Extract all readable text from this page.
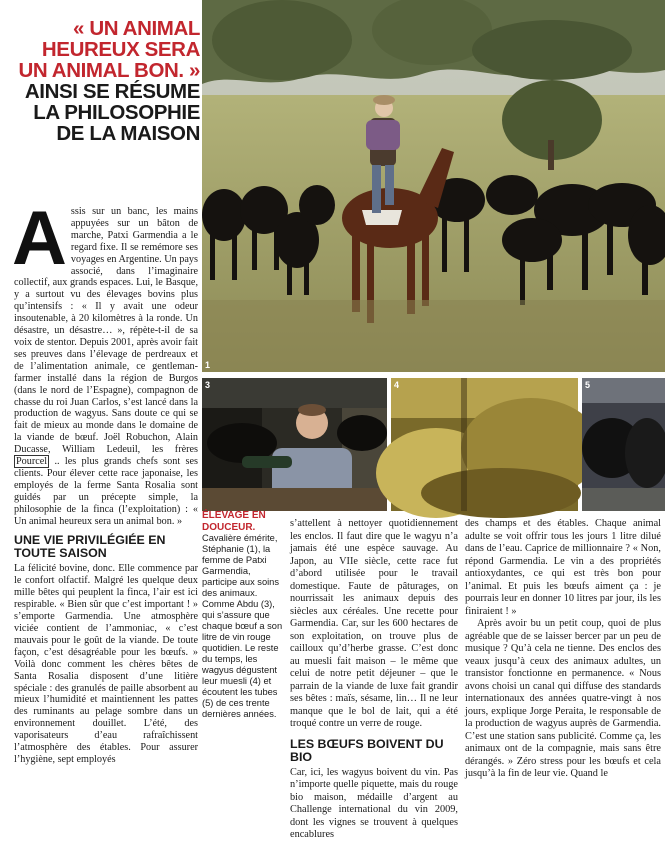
« UN ANIMAL HEUREUX SERA UN ANIMAL BON. » AINSI SE RÉSUME LA PHILOSOPHIE DE LA MAISON
1
3	4	5
ÉLEVAGE EN DOUCEUR. Cavalière émérite, Stéphanie (1), la femme de Patxi Garmendia, participe aux soins des animaux. Comme Abdu (3), qui s’assure que chaque bœuf a son litre de vin rouge quotidien. Le reste du temps, les wagyus dégustent leur muesli (4) et écoutent les tubes (5) de ces trente dernières années.

Assis sur un banc, les mains appuyées sur un bâton de marche, Patxi Garmendia a le regard fixe. Il se remémore ses voyages en Argentine. Un pays associé, dans l’imaginaire collectif, aux grands espaces. Lui, le Basque, y a surtout vu des élevages bovins plus qu’intensifs : « Il y avait une odeur insoutenable, à 20 kilomètres à la ronde. Un désastre, un désastre… », répète-t-il de sa voix de stentor. Depuis 2001, après avoir fait ses preuves dans l’élevage de perdreaux et de l’alimentation animale, ce gentleman-farmer installé dans la région de Burgos (dans le nord de l’Espagne), compagnon de chasse du roi Juan Carlos, s’est lancé dans la production de wagyus. Sans doute ce qui se fait de mieux au monde dans le domaine de la viande de bœuf. Joël Robuchon, Alain Ducasse, William Ledeuil, les frères Pourcel .. les plus grands chefs sont ses clients. Pour élever cette race japonaise, les employés de la ferme Santa Rosalia sont guidés par un précepte simple, la philosophie de la finca (l’exploitation) : « Un animal heureux sera un animal bon. »

UNE VIE PRIVILÉGIÉE EN TOUTE SAISON

La félicité bovine, donc. Elle commence par le confort olfactif. Malgré les quelque deux mille bêtes qui peuplent la finca, l’air est ici respirable. « Bien sûr que c’est important ! » s’emporte Garmendia. Une atmosphère viciée contient de l’ammoniac, « c’est mauvais pour le goût de la viande. De toute façon, c’est désagréable pour les bœufs. » Voilà donc comment les chères bêtes de Santa Rosalia disposent d’une litière spéciale : des granulés de paille absorbent au mieux l’humidité et maintiennent les pattes des ruminants au pelage sombre dans un environnement douillet. L’été, des vaporisateurs d’eau rafraîchissent l’atmosphère des étables. Pour assurer l’hygiène, sept employés

s’attellent à nettoyer quotidiennement les enclos. Il faut dire que le wagyu n’a jamais été une espèce sauvage. Au Japon, au VIIe siècle, cette race fut d’abord utilisée pour le travail domestique. Faute de pâturages, on nourrissait les animaux depuis des siècles aux céréales. Une recette pour Garmendia. Car, sur les 600 hectares de son exploitation, on trouve plus de cailloux qu’d’herbe grasse. C’est donc au muesli fait maison – le même que celui de notre petit déjeuner – que le parrain de la viande de luxe fait grandir ses bêtes : maïs, sésame, lin… Il ne leur manque que le bol de lait, qui a été troqué contre un verre de rouge.

LES BŒUFS BOIVENT DU BIO

Car, ici, les wagyus boivent du vin. Pas n’importe quelle piquette, mais du rouge bio maison, médaille d’argent au Challenge international du vin 2009, dont les vignes se trouvent à quelques encablures

des champs et des étables. Chaque animal adulte se voit offrir tous les jours 1 litre dilué dans de l’eau. Caprice de millionnaire ? « Non, répond Garmendia. Le vin a des propriétés antioxydantes, ce qui est très bon pour l’animal. Et puis les bœufs aiment ça : je pourrais leur en donner 10 litres par jour, ils les finiraient ! »

Après avoir bu un petit coup, quoi de plus agréable que de se laisser bercer par un peu de musique ? Qu’à cela ne tienne. Des enclos des veaux jusqu’à ceux des animaux adultes, un transistor fonctionne en permanence. « Nous avons choisi un canal qui diffuse des standards internationaux des années quatre-vingt à nos jours, explique Jorge Peraita, le responsable de la production de wagyus auprès de Garmendia. C’est une station sans publicité. Comme ça, les animaux ont de la compagnie, mais sans être dérangés. » Zéro stress pour les bœufs et cela jusqu’à la fin de leur vie. Quand le
